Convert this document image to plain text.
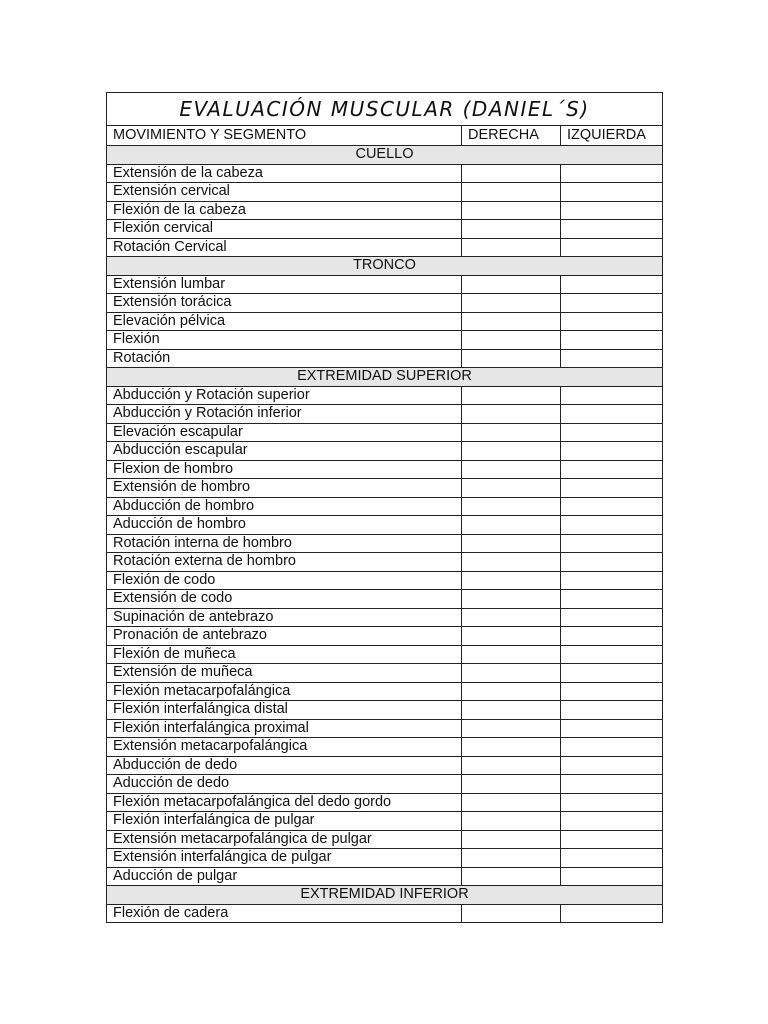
EVALUACIÓN MUSCULAR (DANIEL´S)		
MOVIMIENTO Y SEGMENTO	DERECHA	IZQUIERDA
CUELLO		
Extensión de la cabeza		
Extensión cervical		
Flexión de la cabeza		
Flexión cervical		
Rotación Cervical		
TRONCO		
Extensión lumbar		
Extensión torácica		
Elevación pélvica		
Flexión		
Rotación		
EXTREMIDAD SUPERIOR		
Abducción y Rotación superior		
Abducción y Rotación inferior		
Elevación escapular		
Abducción escapular		
Flexion de hombro		
Extensión de hombro		
Abducción de hombro		
Aducción de hombro		
Rotación interna de hombro		
Rotación externa de hombro		
Flexión de codo		
Extensión de codo		
Supinación de antebrazo		
Pronación de antebrazo		
Flexión de muñeca		
Extensión de muñeca		
Flexión metacarpofalángica		
Flexión interfalángica distal		
Flexión interfalángica proximal		
Extensión metacarpofalángica		
Abducción de dedo		
Aducción de dedo		
Flexión metacarpofalángica del dedo gordo		
Flexión interfalángica de pulgar		
Extensión metacarpofalángica de pulgar		
Extensión interfalángica de pulgar		
Aducción de pulgar		
EXTREMIDAD INFERIOR		
Flexión de cadera		
